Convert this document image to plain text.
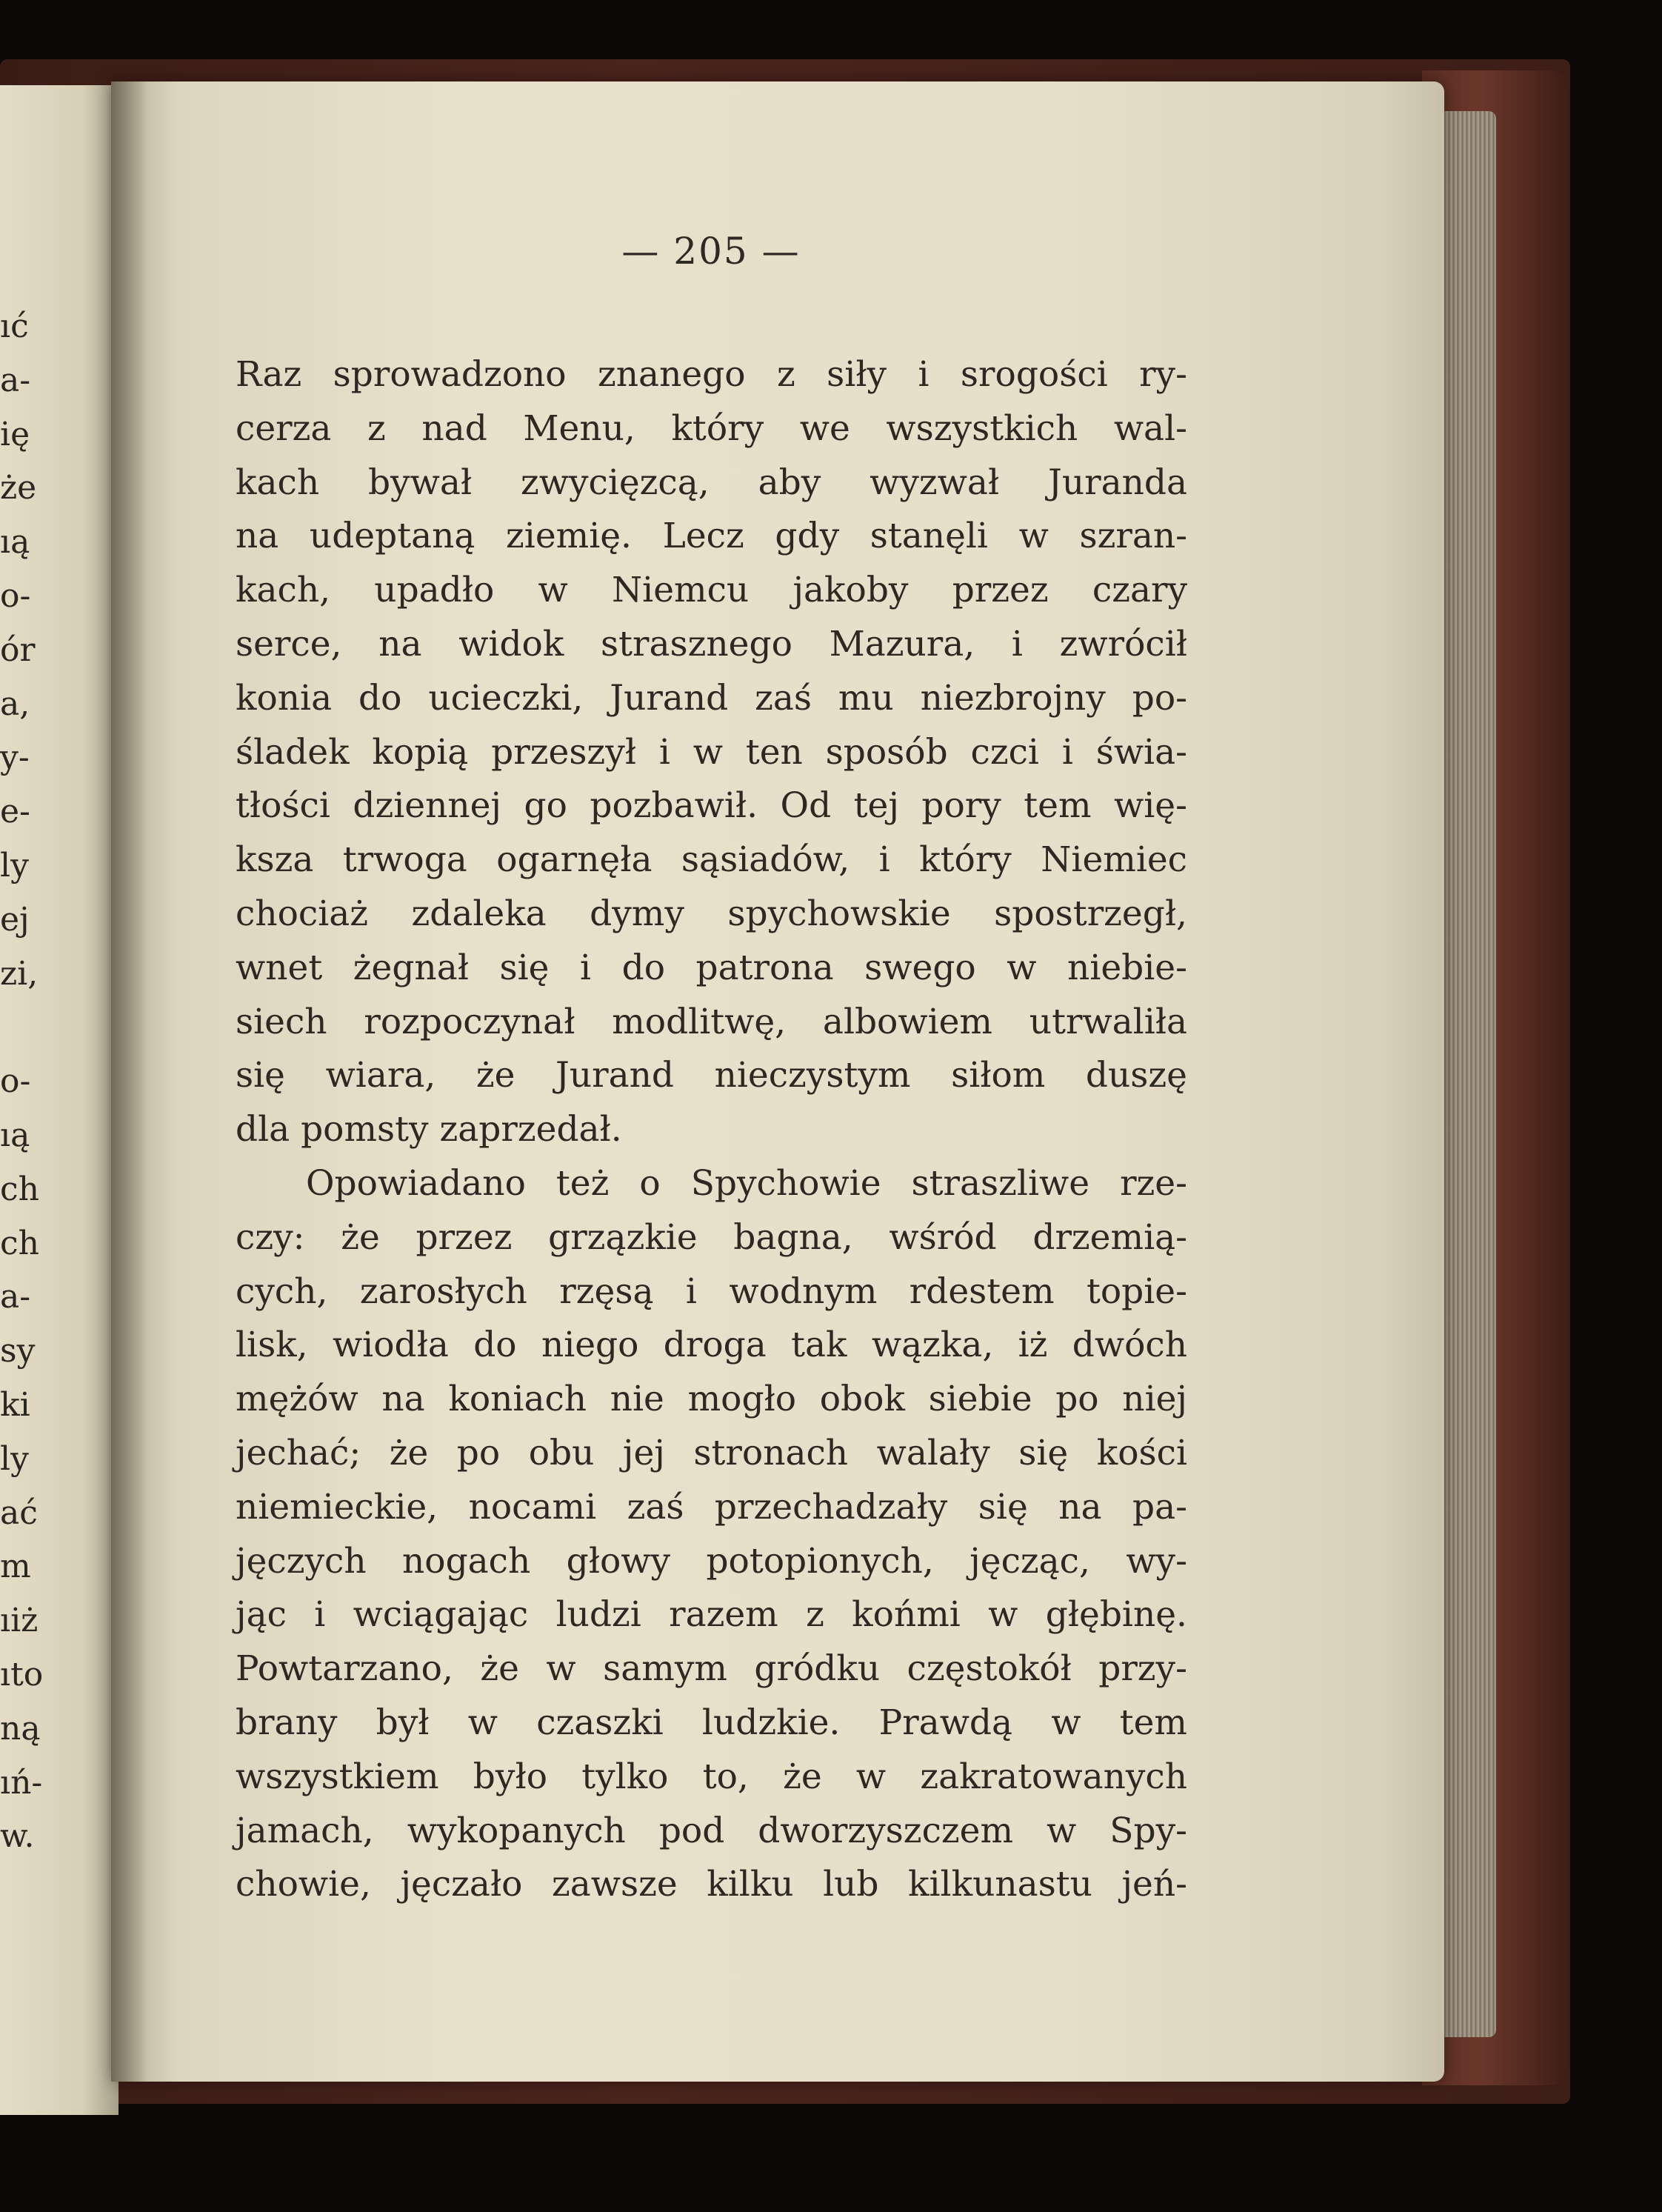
ıć
a-
ię
że
ıą
o-
ór
a,
y-
e-
ly
ej
zi,
o-
ıą
ch
ch
a-
sy
ki
ly
ać
m
ıiż
ıto
ną
ıń-
w.
— 205 —
Raz sprowadzono znanego z siły i srogości ry-
cerza z nad Menu, który we wszystkich wal-
kach bywał zwycięzcą, aby wyzwał Juranda
na udeptaną ziemię. Lecz gdy stanęli w szran-
kach, upadło w Niemcu jakoby przez czary
serce, na widok strasznego Mazura, i zwrócił
konia do ucieczki, Jurand zaś mu niezbrojny po-
śladek kopią przeszył i w ten sposób czci i świa-
tłości dziennej go pozbawił. Od tej pory tem wię-
ksza trwoga ogarnęła sąsiadów, i który Niemiec
chociaż zdaleka dymy spychowskie spostrzegł,
wnet żegnał się i do patrona swego w niebie-
siech rozpoczynał modlitwę, albowiem utrwaliła
się wiara, że Jurand nieczystym siłom duszę
dla pomsty zaprzedał.
Opowiadano też o Spychowie straszliwe rze-
czy: że przez grzązkie bagna, wśród drzemią-
cych, zarosłych rzęsą i wodnym rdestem topie-
lisk, wiodła do niego droga tak wązka, iż dwóch
mężów na koniach nie mogło obok siebie po niej
jechać; że po obu jej stronach walały się kości
niemieckie, nocami zaś przechadzały się na pa-
jęczych nogach głowy potopionych, jęcząc, wy-
jąc i wciągając ludzi razem z końmi w głębinę.
Powtarzano, że w samym gródku częstokół przy-
brany był w czaszki ludzkie. Prawdą w tem
wszystkiem było tylko to, że w zakratowanych
jamach, wykopanych pod dworzyszczem w Spy-
chowie, jęczało zawsze kilku lub kilkunastu jeń-
